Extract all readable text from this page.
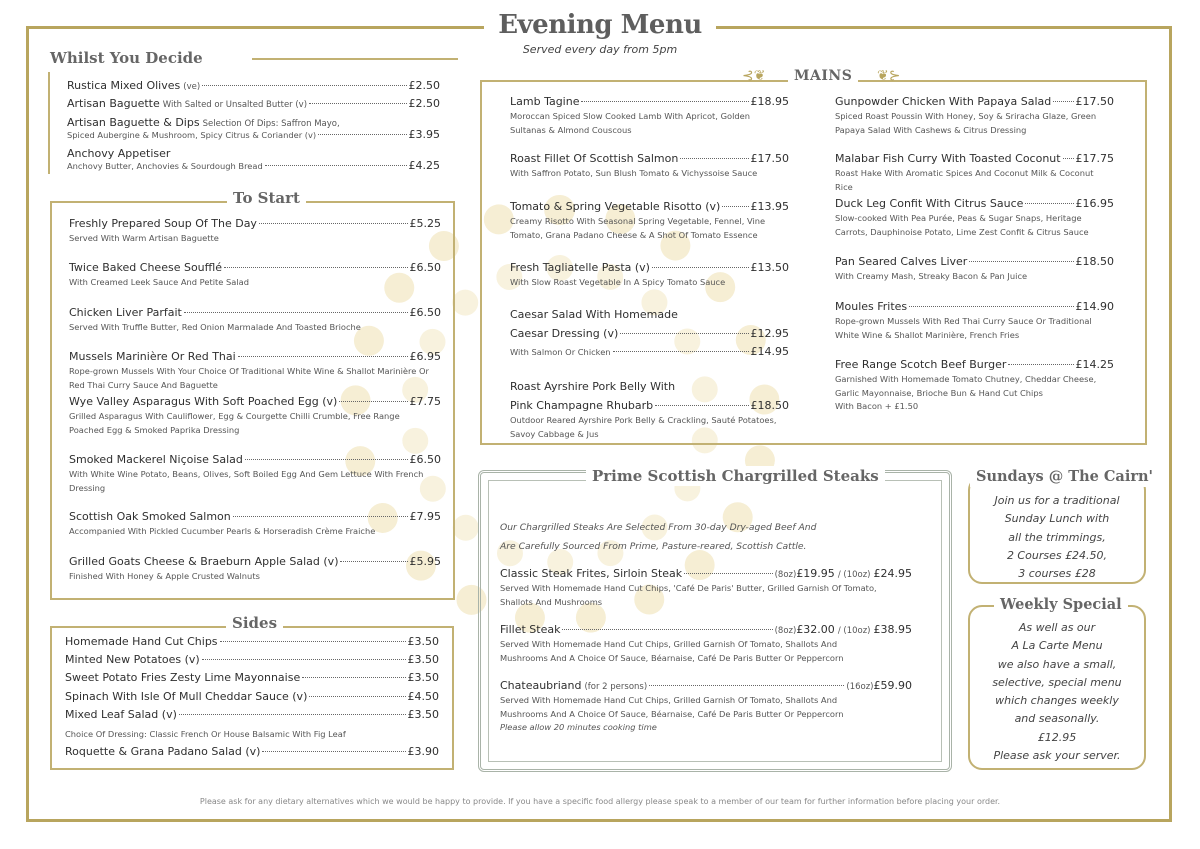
Evening Menu
Served every day from 5pm
Whilst You Decide
Rustica Mixed Olives (ve)	£2.50
Artisan Baguette With Salted or Unsalted Butter (v)	£2.50
Artisan Baguette & Dips Selection Of Dips: Saffron Mayo,
Spiced Aubergine & Mushroom, Spicy Citrus & Coriander (v)	£3.95
Anchovy Appetiser
Anchovy Butter, Anchovies & Sourdough Bread	£4.25
To Start
Freshly Prepared Soup Of The Day	£5.25
Served With Warm Artisan Baguette
Twice Baked Cheese Soufflé	£6.50
With Creamed Leek Sauce And Petite Salad
Chicken Liver Parfait	£6.50
Served With Truffle Butter, Red Onion Marmalade And Toasted Brioche
Mussels Marinière Or Red Thai	£6.95
Rope-grown Mussels With Your Choice Of Traditional White Wine & Shallot Marinière Or Red Thai Curry Sauce And Baguette
Wye Valley Asparagus With Soft Poached Egg (v)	£7.75
Grilled Asparagus With Cauliflower, Egg & Courgette Chilli Crumble, Free Range Poached Egg & Smoked Paprika Dressing
Smoked Mackerel Niçoise Salad	£6.50
With White Wine Potato, Beans, Olives, Soft Boiled Egg And Gem Lettuce With French Dressing
Scottish Oak Smoked Salmon	£7.95
Accompanied With Pickled Cucumber Pearls & Horseradish Crème Fraiche
Grilled Goats Cheese & Braeburn Apple Salad (v)	£5.95
Finished With Honey & Apple Crusted Walnuts
Sides
Homemade Hand Cut Chips	£3.50
Minted New Potatoes (v)	£3.50
Sweet Potato Fries Zesty Lime Mayonnaise	£3.50
Spinach With Isle Of Mull Cheddar Sauce (v)	£4.50
Mixed Leaf Salad (v)	£3.50
Roquette & Grana Padano Salad (v)	£3.90
Choice Of Dressing: Classic French Or House Balsamic With Fig Leaf
⊰❦	❦⊱
MAINS
Lamb Tagine	£18.95
Moroccan Spiced Slow Cooked Lamb With Apricot, Golden Sultanas & Almond Couscous
Roast Fillet Of Scottish Salmon	£17.50
With Saffron Potato, Sun Blush Tomato & Vichyssoise Sauce
Tomato & Spring Vegetable Risotto (v)	£13.95
Creamy Risotto With Seasonal Spring Vegetable, Fennel, Vine Tomato, Grana Padano Cheese & A Shot Of Tomato Essence
Fresh Tagliatelle Pasta (v)	£13.50
With Slow Roast Vegetable In A Spicy Tomato Sauce
Caesar Salad With Homemade
Caesar Dressing (v)	£12.95
With Salmon Or Chicken	£14.95
Roast Ayrshire Pork Belly With
Pink Champagne Rhubarb	£18.50
Outdoor Reared Ayrshire Pork Belly & Crackling, Sauté Potatoes, Savoy Cabbage & Jus
Gunpowder Chicken With Papaya Salad £17.50
Spiced Roast Poussin With Honey, Soy & Sriracha Glaze, Green Papaya Salad With Cashews & Citrus Dressing
Malabar Fish Curry With Toasted Coconut £17.75
Roast Hake With Aromatic Spices And Coconut Milk & Coconut Rice
Duck Leg Confit With Citrus Sauce	£16.95
Slow-cooked With Pea Purée, Peas & Sugar Snaps, Heritage Carrots, Dauphinoise Potato, Lime Zest Confit & Citrus Sauce
Pan Seared Calves Liver	£18.50
With Creamy Mash, Streaky Bacon & Pan Juice
Moules Frites	£14.90
Rope-grown Mussels With Red Thai Curry Sauce Or Traditional White Wine & Shallot Marinière, French Fries
Free Range Scotch Beef Burger	£14.25
Garnished With Homemade Tomato Chutney, Cheddar Cheese, Garlic Mayonnaise, Brioche Bun & Hand Cut Chips
With Bacon + £1.50
Prime Scottish Chargrilled Steaks
Our Chargrilled Steaks Are Selected From 30-day Dry-aged Beef And
Are Carefully Sourced From Prime, Pasture-reared, Scottish Cattle.
Classic Steak Frites, Sirloin Steak	(8oz) £19.95 / (10oz) £24.95
Served With Homemade Hand Cut Chips, 'Café De Paris' Butter, Grilled Garnish Of Tomato, Shallots And Mushrooms
Fillet Steak	(8oz) £32.00 / (10oz) £38.95
Served With Homemade Hand Cut Chips, Grilled Garnish Of Tomato, Shallots And Mushrooms And A Choice Of Sauce, Béarnaise, Café De Paris Butter Or Peppercorn
Chateaubriand (for 2 persons)	(16oz) £59.90
Served With Homemade Hand Cut Chips, Grilled Garnish Of Tomato, Shallots And Mushrooms And A Choice Of Sauce, Béarnaise, Café De Paris Butter Or Peppercorn
Please allow 20 minutes cooking time
Sundays @ The Cairn'
Join us for a traditional
Sunday Lunch with
all the trimmings,
2 Courses £24.50,
3 courses £28
Weekly Special
As well as our
A La Carte Menu
we also have a small,
selective, special menu
which changes weekly
and seasonally.
£12.95
Please ask your server.
Please ask for any dietary alternatives which we would be happy to provide. If you have a specific food allergy please speak to a member of our team for further information before placing your order.
